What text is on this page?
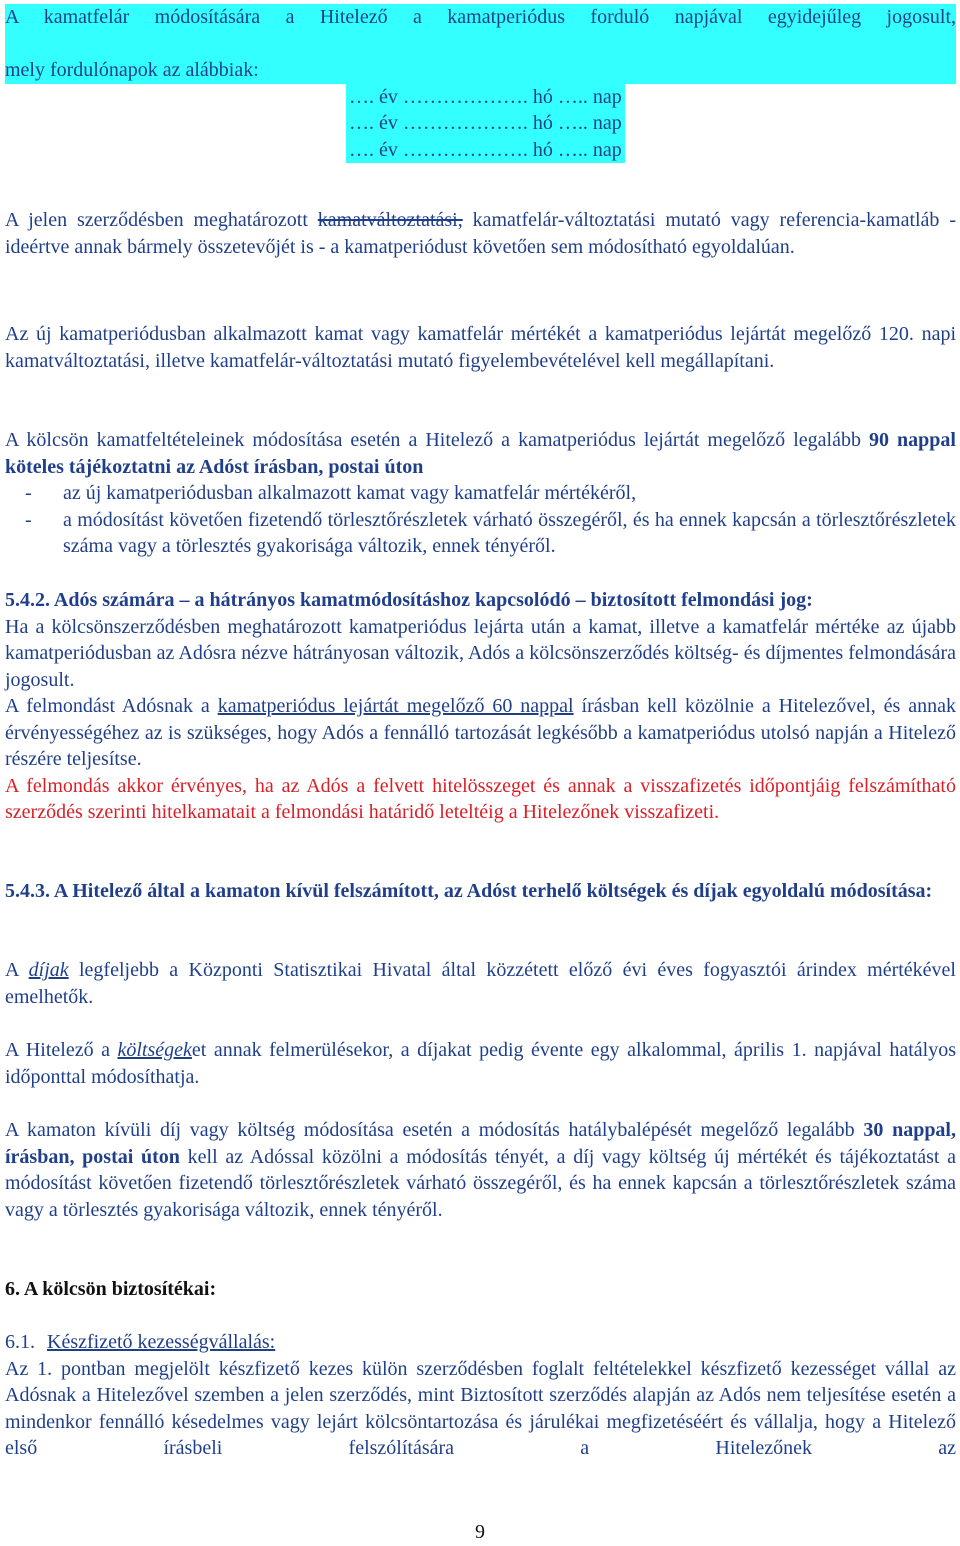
A kamatfelár módosítására a Hitelező a kamatperiódus forduló napjával egyidejűleg jogosult,
mely fordulónapok az alábbiak:
…. év ………………. hó ….. nap
…. év ………………. hó ….. nap
…. év ………………. hó ….. nap

A jelen szerződésben meghatározott kamatváltoztatási, kamatfelár-változtatási mutató vagy referencia-kamatláb - ideértve annak bármely összetevőjét is - a kamatperiódust követően sem módosítható egyoldalúan.

Az új kamatperiódusban alkalmazott kamat vagy kamatfelár mértékét a kamatperiódus lejártát megelőző 120. napi kamatváltoztatási, illetve kamatfelár-változtatási mutató figyelembevételével kell megállapítani.

A kölcsön kamatfeltételeinek módosítása esetén a Hitelező a kamatperiódus lejártát megelőző legalább 90 nappal köteles tájékoztatni az Adóst írásban, postai úton
- az új kamatperiódusban alkalmazott kamat vagy kamatfelár mértékéről,
- a módosítást követően fizetendő törlesztőrészletek várható összegéről, és ha ennek kapcsán a törlesztőrészletek száma vagy a törlesztés gyakorisága változik, ennek tényéről.
5.4.2. Adós számára – a hátrányos kamatmódosításhoz kapcsolódó – biztosított felmondási jog:
Ha a kölcsönszerződésben meghatározott kamatperiódus lejárta után a kamat, illetve a kamatfelár mértéke az újabb kamatperiódusban az Adósra nézve hátrányosan változik, Adós a kölcsönszerződés költség- és díjmentes felmondására jogosult.
A felmondást Adósnak a kamatperiódus lejártát megelőző 60 nappal írásban kell közölnie a Hitelezővel, és annak érvényességéhez az is szükséges, hogy Adós a fennálló tartozását legkésőbb a kamatperiódus utolsó napján a Hitelező részére teljesítse.
A felmondás akkor érvényes, ha az Adós a felvett hitelösszeget és annak a visszafizetés időpontjáig felszámítható szerződés szerinti hitelkamatait a felmondási határidő leteltéig a Hitelezőnek visszafizeti.
5.4.3. A Hitelező által a kamaton kívül felszámított, az Adóst terhelő költségek és díjak egyoldalú módosítása:

A díjak legfeljebb a Központi Statisztikai Hivatal által közzétett előző évi éves fogyasztói árindex mértékével emelhetők.

A Hitelező a költségeket annak felmerülésekor, a díjakat pedig évente egy alkalommal, április 1. napjával hatályos időponttal módosíthatja.

A kamaton kívüli díj vagy költség módosítása esetén a módosítás hatálybalépését megelőző legalább 30 nappal, írásban, postai úton kell az Adóssal közölni a módosítás tényét, a díj vagy költség új mértékét és tájékoztatást a módosítást követően fizetendő törlesztőrészletek várható összegéről, és ha ennek kapcsán a törlesztőrészletek száma vagy a törlesztés gyakorisága változik, ennek tényéről.

6. A kölcsön biztosítékai:
6.1. Készfizető kezességvállalás:
Az 1. pontban megjelölt készfizető kezes külön szerződésben foglalt feltételekkel készfizető kezességet vállal az Adósnak a Hitelezővel szemben a jelen szerződés, mint Biztosított szerződés alapján az Adós nem teljesítése esetén a mindenkor fennálló késedelmes vagy lejárt kölcsöntartozása és járulékai megfizetéséért és vállalja, hogy a Hitelező első írásbeli felszólítására a Hitelezőnek az
9
